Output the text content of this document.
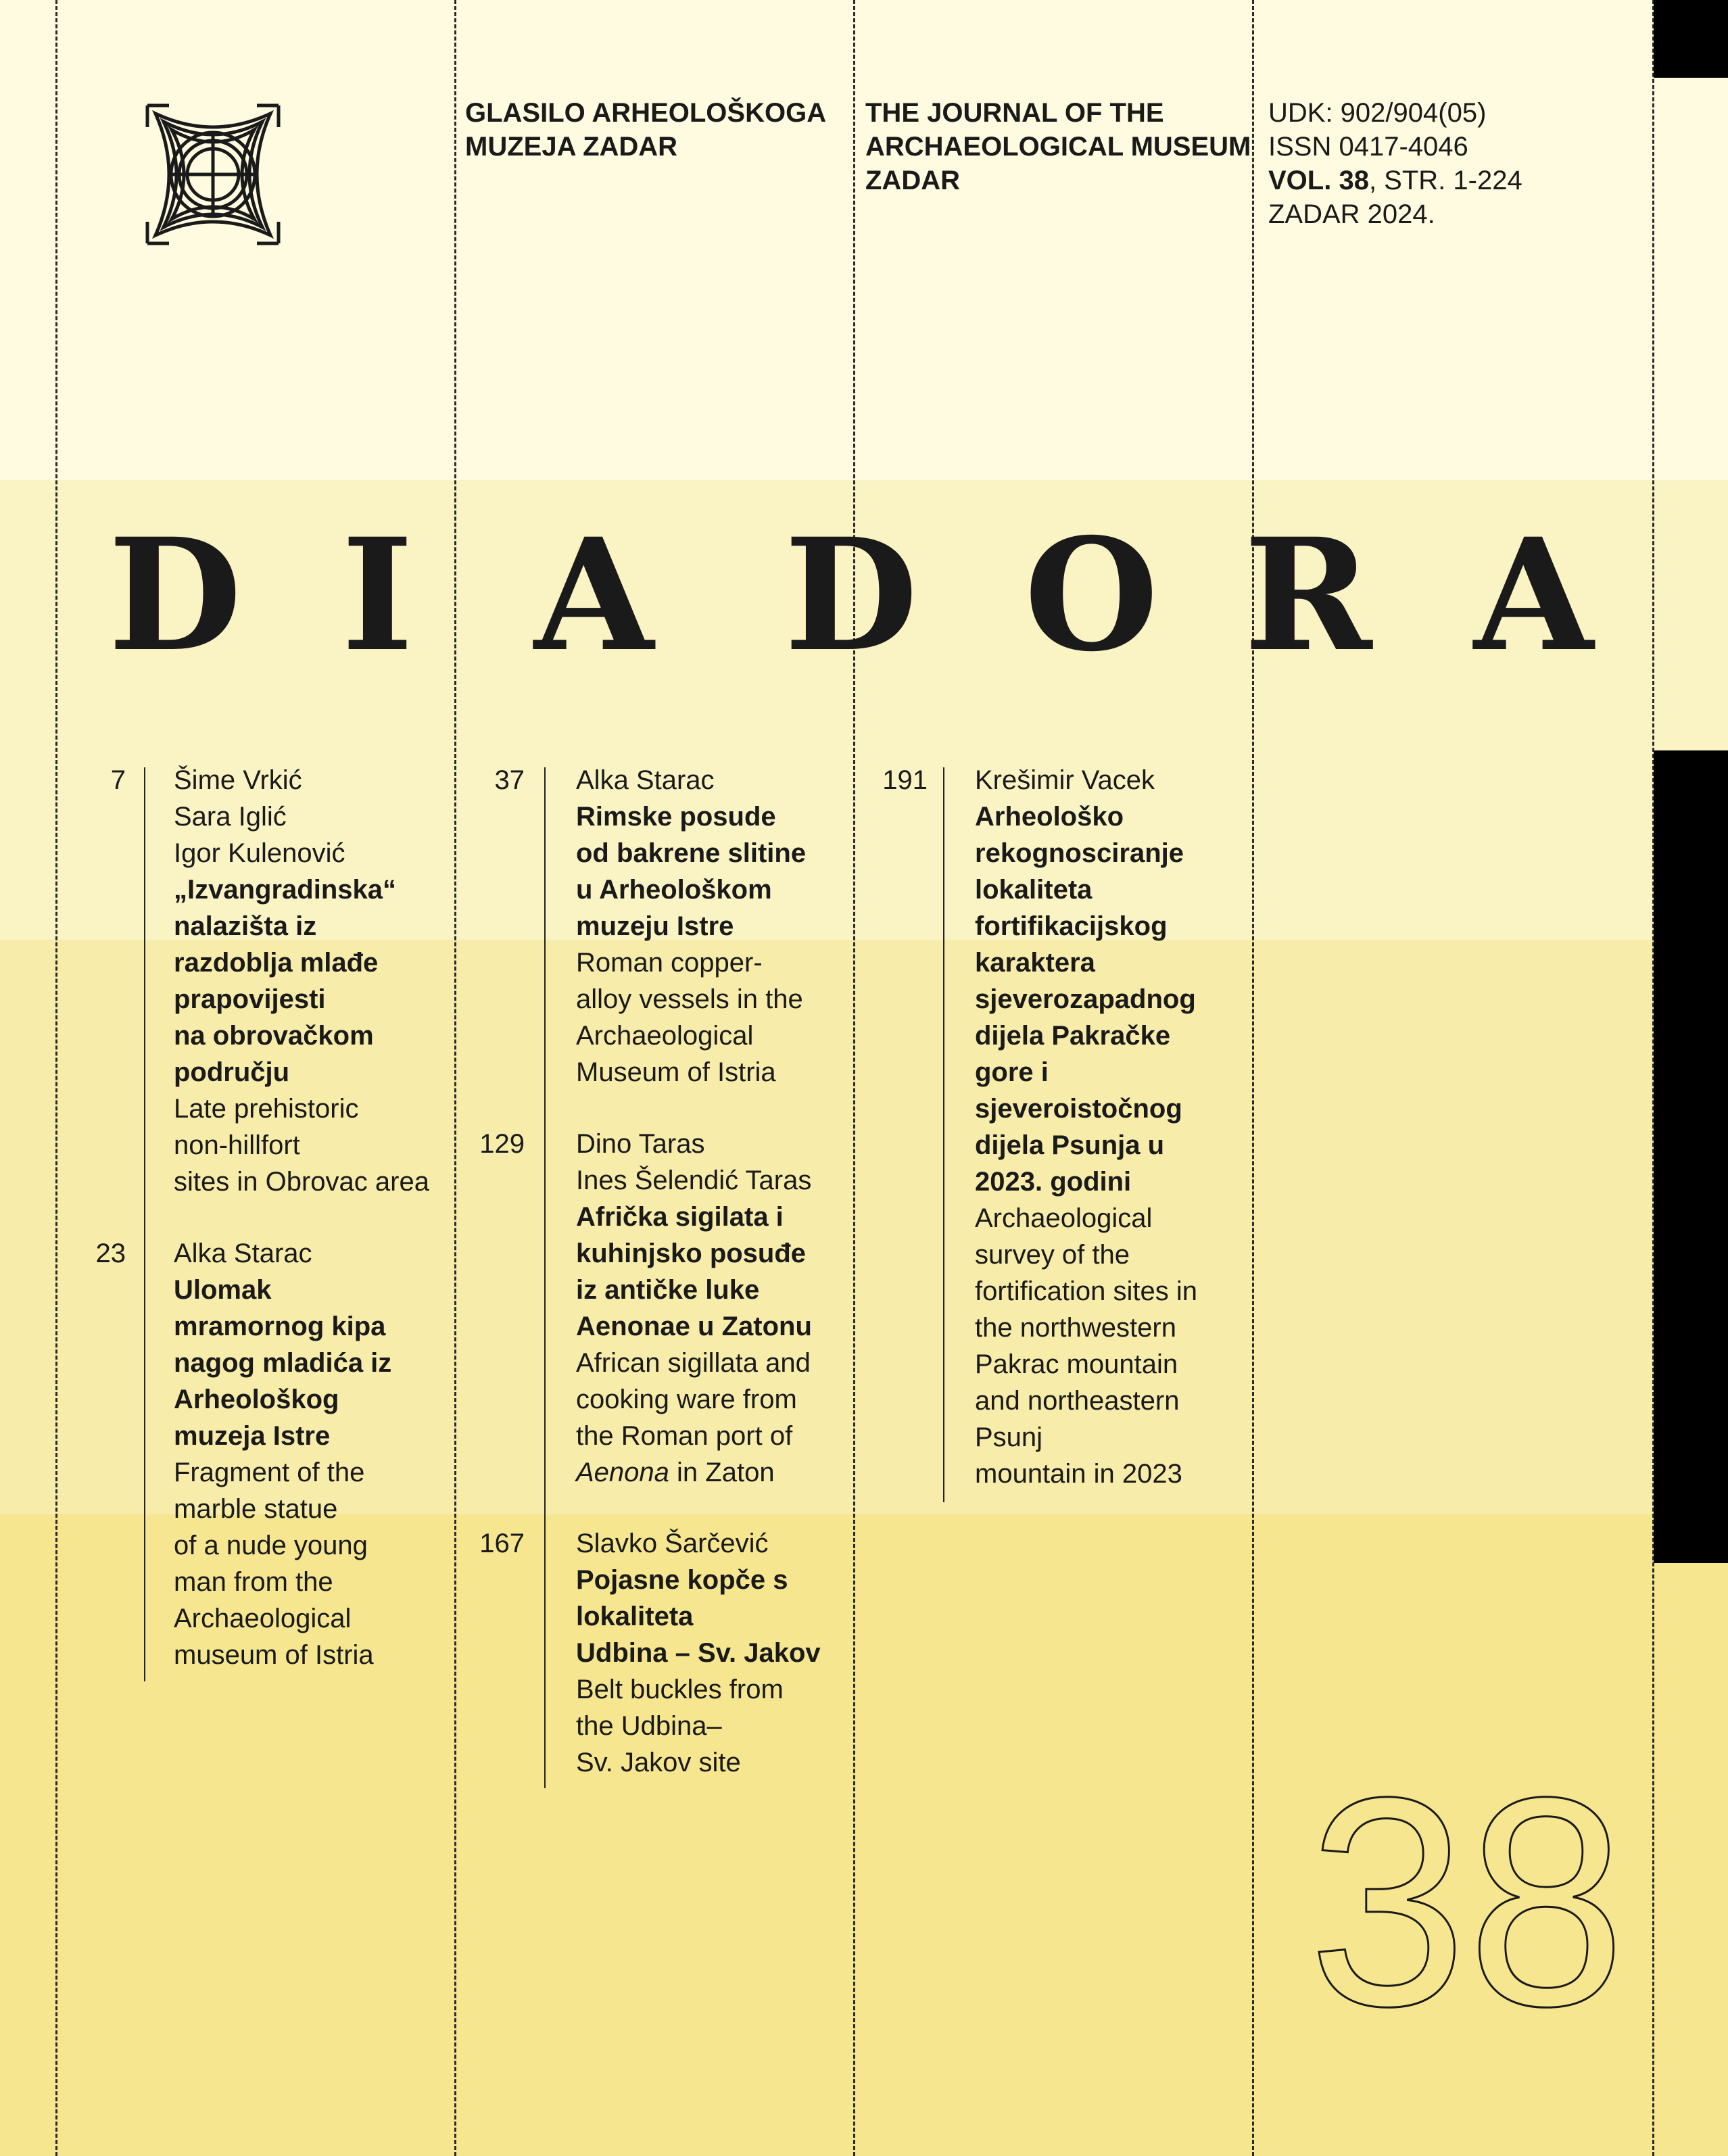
GLASILO ARHEOLOŠKOGA
MUZEJA ZADAR
THE JOURNAL OF THE
ARCHAEOLOGICAL MUSEUM
ZADAR
UDK: 902/904(05)
ISSN 0417-4046
VOL. 38, STR. 1-224
ZADAR 2024.
D I A D O R A
7 Šime Vrkić
Sara Iglić
Igor Kulenović
„Izvangradinska“
nalazišta iz
razdoblja mlađe
prapovijesti
na obrovačkom
području
Late prehistoric
non-hillfort
sites in Obrovac area
23 Alka Starac
Ulomak
mramornog kipa
nagog mladića iz
Arheološkog
muzeja Istre
Fragment of the
marble statue
of a nude young
man from the
Archaeological
museum of Istria
37 Alka Starac
Rimske posude
od bakrene slitine
u Arheološkom
muzeju Istre
Roman copper-
alloy vessels in the
Archaeological
Museum of Istria
129 Dino Taras
Ines Šelendić Taras
Afrička sigilata i
kuhinjsko posuđe
iz antičke luke
Aenonae u Zatonu
African sigillata and
cooking ware from
the Roman port of
Aenona in Zaton
167 Slavko Šarčević
Pojasne kopče s
lokaliteta
Udbina – Sv. Jakov
Belt buckles from
the Udbina–
Sv. Jakov site
191 Krešimir Vacek
Arheološko
rekognosciranje
lokaliteta
fortifikacijskog
karaktera
sjeverozapadnog
dijela Pakračke
gore i
sjeveroistočnog
dijela Psunja u
2023. godini
Archaeological
survey of the
fortification sites in
the northwestern
Pakrac mountain
and northeastern
Psunj
mountain in 2023
38
